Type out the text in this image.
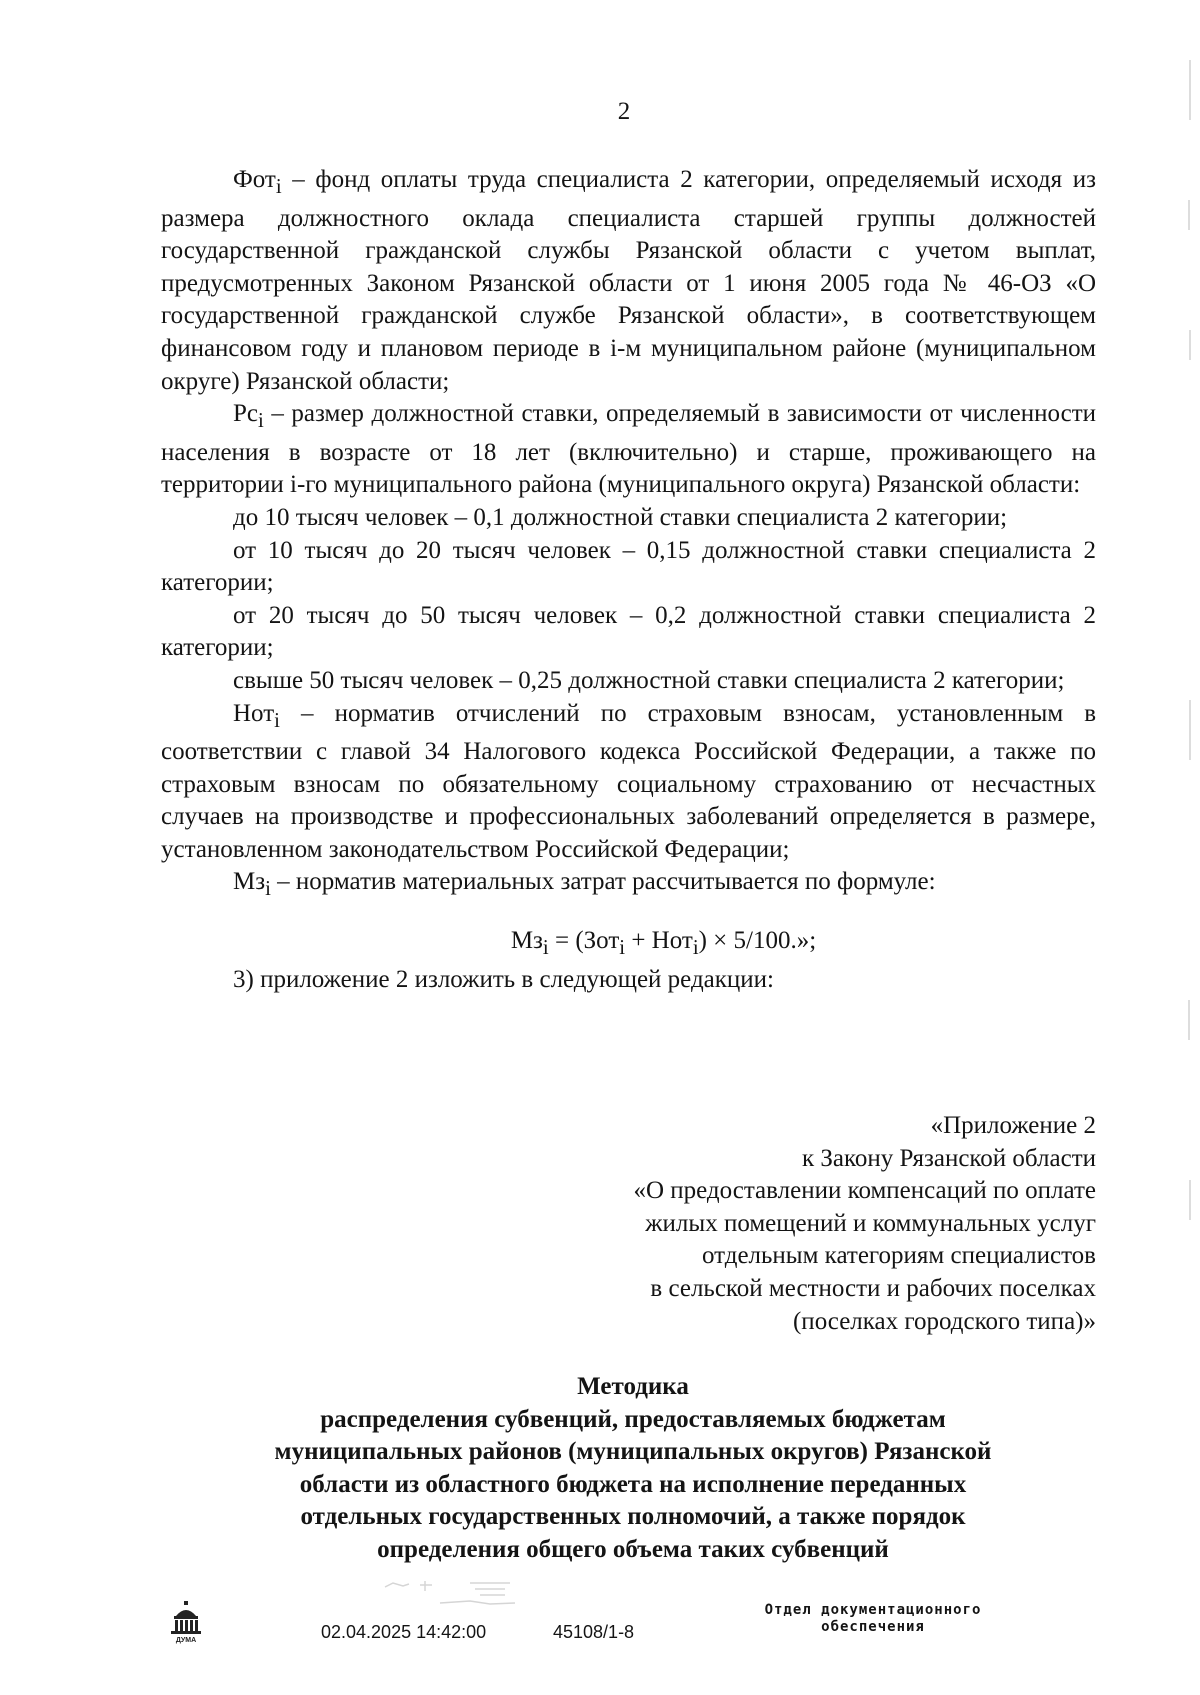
2

Фот$_i$ – фонд оплаты труда специалиста 2 категории, определяемый исходя из размера должностного оклада специалиста старшей группы должностей государственной гражданской службы Рязанской области с учетом выплат, предусмотренных Законом Рязанской области от 1 июня 2005 года № 46-ОЗ «О государственной гражданской службе Рязанской области», в соответствующем финансовом году и плановом периоде в i-м муниципальном районе (муниципальном округе) Рязанской области;

$Рс_i$ – размер должностной ставки, определяемый в зависимости от численности населения в возрасте от 18 лет (включительно) и старше, проживающего на территории i-го муниципального района (муниципального округа) Рязанской области:

до 10 тысяч человек – 0,1 должностной ставки специалиста 2 категории;

от 10 тысяч до 20 тысяч человек – 0,15 должностной ставки специалиста 2 категории;

от 20 тысяч до 50 тысяч человек – 0,2 должностной ставки специалиста 2 категории;

свыше 50 тысяч человек – 0,25 должностной ставки специалиста 2 категории;

Нот$_i$ – норматив отчислений по страховым взносам, установленным в соответствии с главой 34 Налогового кодекса Российской Федерации, а также по страховым взносам по обязательному социальному страхованию от несчастных случаев на производстве и профессиональных заболеваний определяется в размере, установленном законодательством Российской Федерации;

$Мз_i$ – норматив материальных затрат рассчитывается по формуле:

$Мз_i = (Зот_i + Нот_i) \times 5/100$.»;

3) приложение 2 изложить в следующей редакции:

«Приложение 2
к Закону Рязанской области
«О предоставлении компенсаций по оплате
жилых помещений и коммунальных услуг
отдельным категориям специалистов
в сельской местности и рабочих поселках
(поселках городского типа)»
Методика
распределения субвенций, предоставляемых бюджетам
муниципальных районов (муниципальных округов) Рязанской
области из областного бюджета на исполнение переданных
отдельных государственных полномочий, а также порядок
определения общего объема таких субвенций
ДУМА	02.04.2025 14:42:00	45108/1-8
Отдел документационного
обеспечения
